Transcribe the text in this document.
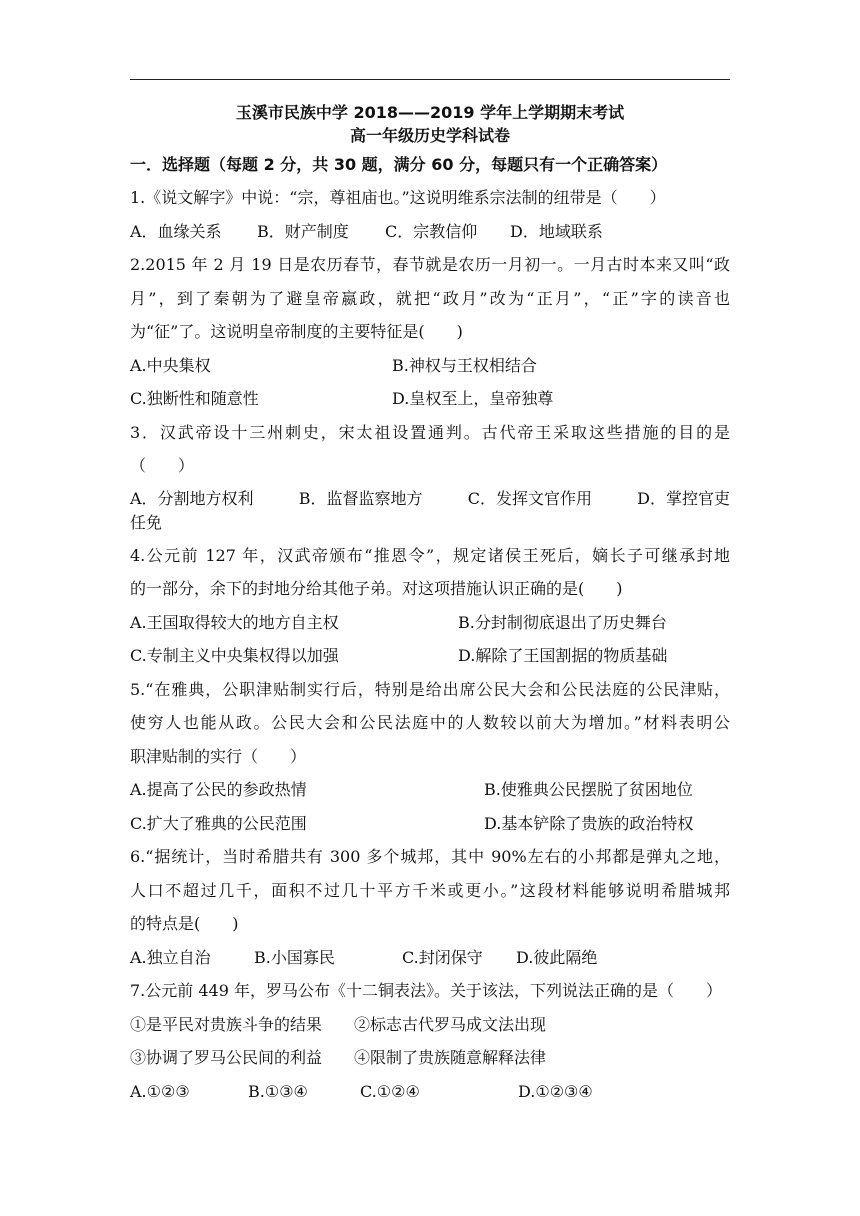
玉溪市民族中学 2018——2019 学年上学期期末考试
高一年级历史学科试卷
一．选择题（每题 2 分，共 30 题，满分 60 分，每题只有一个正确答案）
1.《说文解字》中说：“宗，尊祖庙也。”这说明维系宗法制的纽带是（　　）
A．血缘关系	B．财产制度	C．宗教信仰	D．地域联系
2.2015 年 2 月 19 日是农历春节，春节就是农历一月初一。一月古时本来又叫“政
月”，到了秦朝为了避皇帝嬴政，就把“政月”改为“正月”，“正”字的读音也
为“征”了。这说明皇帝制度的主要特征是(　　)
A.中央集权	B.神权与王权相结合
C.独断性和随意性	D.皇权至上，皇帝独尊
3．汉武帝设十三州刺史，宋太祖设置通判。古代帝王采取这些措施的目的是
（　　）
A．分割地方权利	B．监督监察地方	C．发挥文官作用	D．掌控官吏
任免
4.公元前 127 年，汉武帝颁布“推恩令”，规定诸侯王死后，嫡长子可继承封地
的一部分，余下的封地分给其他子弟。对这项措施认识正确的是(　　)
A.王国取得较大的地方自主权	B.分封制彻底退出了历史舞台
C.专制主义中央集权得以加强	D.解除了王国割据的物质基础
5.“在雅典，公职津贴制实行后，特别是给出席公民大会和公民法庭的公民津贴，
使穷人也能从政。公民大会和公民法庭中的人数较以前大为增加。”材料表明公
职津贴制的实行（　　）
A.提高了公民的参政热情	B.使雅典公民摆脱了贫困地位
C.扩大了雅典的公民范围	D.基本铲除了贵族的政治特权
6.“据统计，当时希腊共有 300 多个城邦，其中 90%左右的小邦都是弹丸之地，
人口不超过几千，面积不过几十平方千米或更小。”这段材料能够说明希腊城邦
的特点是(　　)
A.独立自治	B.小国寡民	C.封闭保守	D.彼此隔绝
7.公元前 449 年，罗马公布《十二铜表法》。关于该法，下列说法正确的是（　　）
①是平民对贵族斗争的结果　　②标志古代罗马成文法出现
③协调了罗马公民间的利益　　④限制了贵族随意解释法律
A.①②③	B.①③④	C.①②④	D.①②③④
